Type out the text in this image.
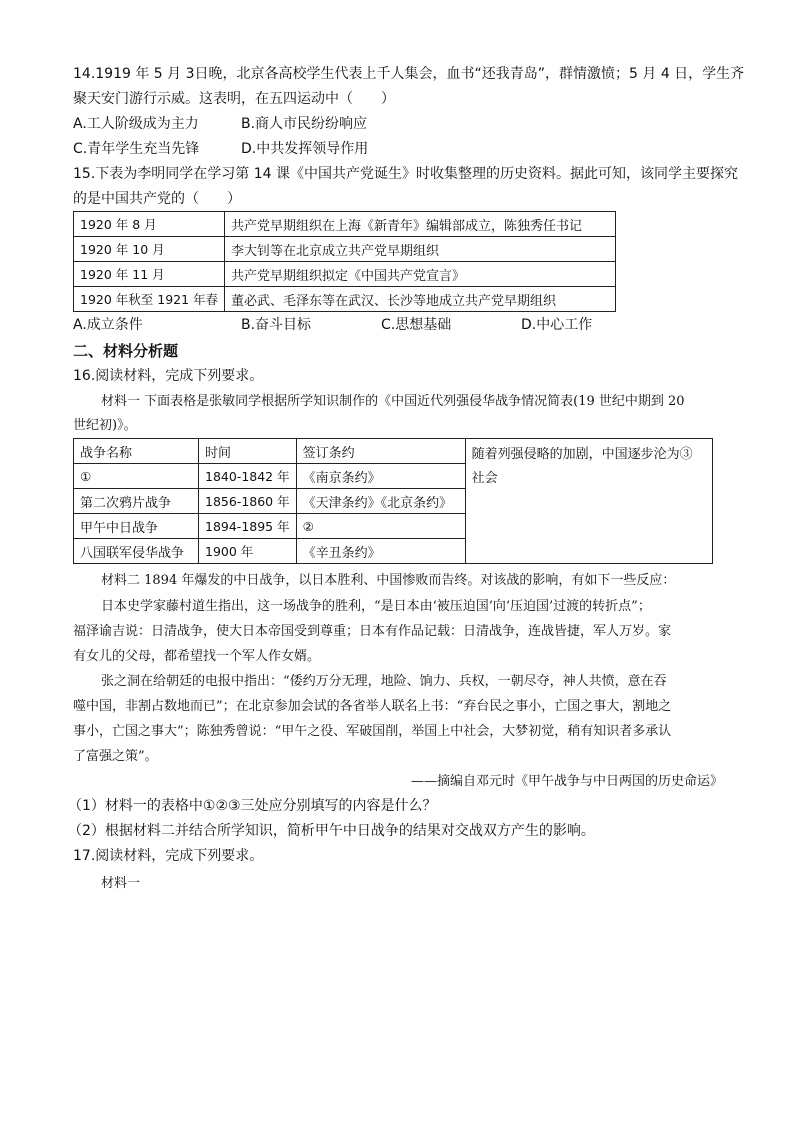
14.1919 年 5 月 3日晚，北京各高校学生代表上千人集会，血书“还我青岛”，群情激愤；5 月 4 日，学生齐

聚天安门游行示威。这表明，在五四运动中（　　）

A.工人阶级成为主力	B.商人市民纷纷响应
C.青年学生充当先锋	D.中共发挥领导作用

15.下表为李明同学在学习第 14 课《中国共产党诞生》时收集整理的历史资料。据此可知，该同学主要探究

的是中国共产党的（　　）

1920 年 8 月	共产党早期组织在上海《新青年》编辑部成立，陈独秀任书记
1920 年 10 月	李大钊等在北京成立共产党早期组织
1920 年 11 月	共产党早期组织拟定《中国共产党宣言》
1920 年秋至 1921 年春	董必武、毛泽东等在武汉、长沙等地成立共产党早期组织
A.成立条件	B.奋斗目标	C.思想基础	D.中心工作

二、材料分析题

16.阅读材料，完成下列要求。

材料一 下面表格是张敏同学根据所学知识制作的《中国近代列强侵华战争情况简表(19 世纪中期到 20

世纪初)》。

战争名称	时间	签订条约	随着列强侵略的加剧，中国逐步沦为③
社会

①	1840-1842 年	《南京条约》	
第二次鸦片战争	1856-1860 年	《天津条约》《北京条约》	
甲午中日战争	1894-1895 年	②	
八国联军侵华战争	1900 年	《辛丑条约》	

材料二 1894 年爆发的中日战争，以日本胜利、中国惨败而告终。对该战的影响，有如下一些反应：

日本史学家藤村道生指出，这一场战争的胜利，“是日本由‘被压迫国’向‘压迫国’过渡的转折点”；

福泽谕吉说：日清战争，使大日本帝国受到尊重；日本有作品记载：日清战争，连战皆捷，军人万岁。家

有女儿的父母，都希望找一个军人作女婿。

张之洞在给朝廷的电报中指出：“倭约万分无理，地险、饷力、兵权，一朝尽夺，神人共愤，意在吞

噬中国，非割占数地而已”；在北京参加会试的各省举人联名上书：“弃台民之事小，亡国之事大，割地之

事小，亡国之事大”；陈独秀曾说：“甲午之役、军破国削，举国上中社会，大梦初觉，稍有知识者多承认

了富强之策”。

——摘编自邓元时《甲午战争与中日两国的历史命运》

（1）材料一的表格中①②③三处应分别填写的内容是什么？

（2）根据材料二并结合所学知识，简析甲午中日战争的结果对交战双方产生的影响。

17.阅读材料，完成下列要求。

材料一
